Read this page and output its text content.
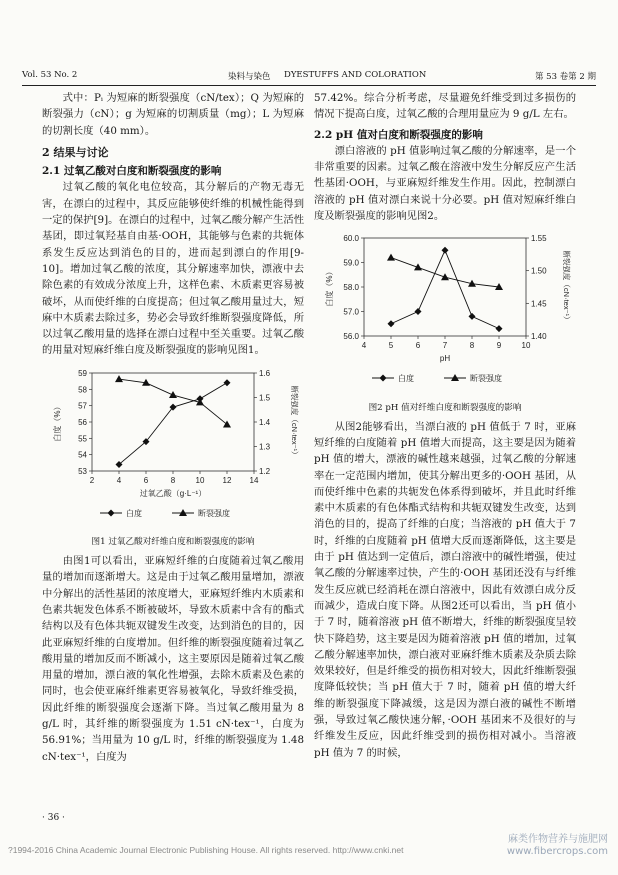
Vol. 53 No. 2	染料与染色 DYESTUFFS AND COLORATION	第 53 卷第 2 期

式中：Pᵢ 为短麻的断裂强度（cN/tex）；Q 为短麻的断裂强力（cN）；g 为短麻的切割质量（mg）；L 为短麻的切割长度（40 mm）。

2 结果与讨论

2.1 过氧乙酸对白度和断裂强度的影响

过氧乙酸的氧化电位较高，其分解后的产物无毒无害，在漂白的过程中，其反应能够使纤维的机械性能得到一定的保护[9]。在漂白的过程中，过氧乙酸分解产生活性基团，即过氧羟基自由基·OOH，其能够与色素的共轭体系发生反应达到消色的目的，进而起到漂白的作用[9-10]。增加过氧乙酸的浓度，其分解速率加快，漂液中去除色素的有效成分浓度上升，这样色素、木质素更容易被破坏，从而使纤维的白度提高；但过氧乙酸用量过大，短麻中木质素去除过多，势必会导致纤维断裂强度降低，所以过氧乙酸用量的选择在漂白过程中至关重要。过氧乙酸的用量对短麻纤维白度及断裂强度的影响见图1。

2	4	6	8	10 12 14
53
54
55
56
57
58
59
1.2
1.3
1.4
1.5
1.6
白度（%）	断裂强度（cN·tex⁻¹）
过氧乙酸（g·L⁻¹）
白度	断裂强度
图1 过氧乙酸对纤维白度和断裂强度的影响

由图1可以看出，亚麻短纤维的白度随着过氧乙酸用量的增加而逐渐增大。这是由于过氧乙酸用量增加，漂液中分解出的活性基团的浓度增大，亚麻短纤维内木质素和色素共轭发色体系不断被破坏，导致木质素中含有的酯式结构以及有色体共轭双键发生改变，达到消色的目的，因此亚麻短纤维的白度增加。但纤维的断裂强度随着过氧乙酸用量的增加反而不断减小，这主要原因是随着过氧乙酸用量的增加，漂白液的氧化性增强，去除木质素及色素的同时，也会使亚麻纤维素更容易被氧化，导致纤维受损，因此纤维的断裂强度会逐渐下降。当过氧乙酸用量为 8 g/L 时，其纤维的断裂强度为 1.51 cN·tex⁻¹，白度为 56.91%；当用量为 10 g/L 时，纤维的断裂强度为 1.48 cN·tex⁻¹，白度为

57.42%。综合分析考虑，尽量避免纤维受到过多损伤的情况下提高白度，过氧乙酸的合理用量应为 9 g/L 左右。

2.2 pH 值对白度和断裂强度的影响

漂白溶液的 pH 值影响过氧乙酸的分解速率，是一个非常重要的因素。过氧乙酸在溶液中发生分解反应产生活性基团·OOH，与亚麻短纤维发生作用。因此，控制漂白溶液的 pH 值对漂白来说十分必要。pH 值对短麻纤维白度及断裂强度的影响见图2。

4	5	6	7	8	9	10
56.0
57.0
58.0
59.0
60.0
1.40
1.45
1.50
1.55
白度（%）	断裂强度（cN·tex⁻¹）
pH
白度	断裂强度
图2 pH 值对纤维白度和断裂强度的影响

从图2能够看出，当漂白液的 pH 值低于 7 时，亚麻短纤维的白度随着 pH 值增大而提高，这主要是因为随着 pH 值的增大，漂液的碱性越来越强，过氧乙酸的分解速率在一定范围内增加，使其分解出更多的·OOH 基团，从而使纤维中色素的共轭发色体系得到破坏，并且此时纤维素中木质素的有色体酯式结构和共轭双键发生改变，达到消色的目的，提高了纤维的白度；当溶液的 pH 值大于 7 时，纤维的白度随着 pH 值增大反而逐渐降低，这主要是由于 pH 值达到一定值后，漂白溶液中的碱性增强，使过氧乙酸的分解速率过快，产生的·OOH 基团还没有与纤维发生反应就已经消耗在漂白溶液中，因此有效漂白成分反而减少，造成白度下降。从图2还可以看出，当 pH 值小于 7 时，随着溶液 pH 值不断增大，纤维的断裂强度呈较快下降趋势，这主要是因为随着溶液 pH 值的增加，过氧乙酸分解速率加快，漂白液对亚麻纤维木质素及杂质去除效果较好，但是纤维受的损伤相对较大，因此纤维断裂强度降低较快；当 pH 值大于 7 时，随着 pH 值的增大纤维的断裂强度下降减缓，这是因为漂白液的碱性不断增强，导致过氧乙酸快速分解，·OOH 基团来不及很好的与纤维发生反应，因此纤维受到的损伤相对减小。当溶液 pH 值为 7 的时候，

· 36 ·
?1994-2016 China Academic Journal Electronic Publishing House. All rights reserved. http://www.cnki.net
麻类作物营养与施肥网
www.fibercrops.com
